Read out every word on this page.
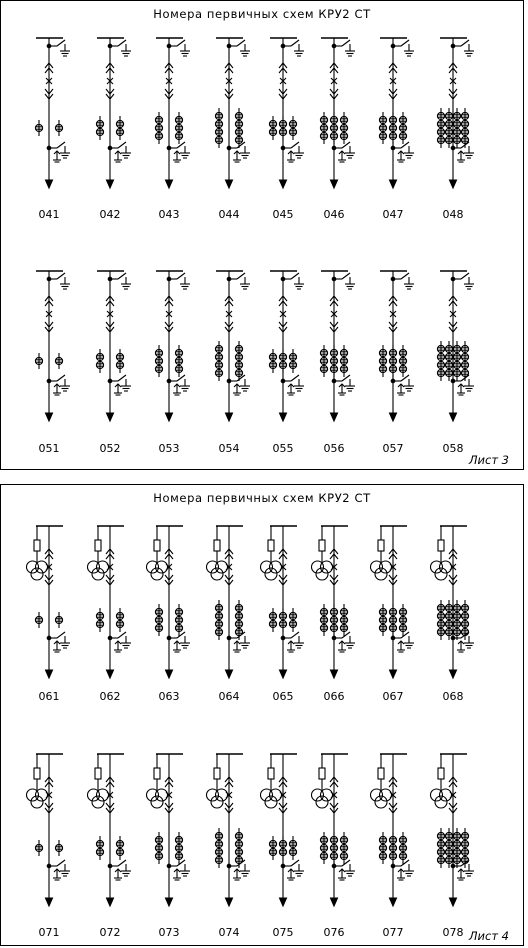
Номера первичных схем КРУ2 СТ
Лист 3
041	042	043	044	045	046	047	048
051	052	053	054	055	056	057	058
Номера первичных схем КРУ2 СТ
Лист 4
061	062	063	064	065	066	067	068
071	072	073	074	075	076	077	078
